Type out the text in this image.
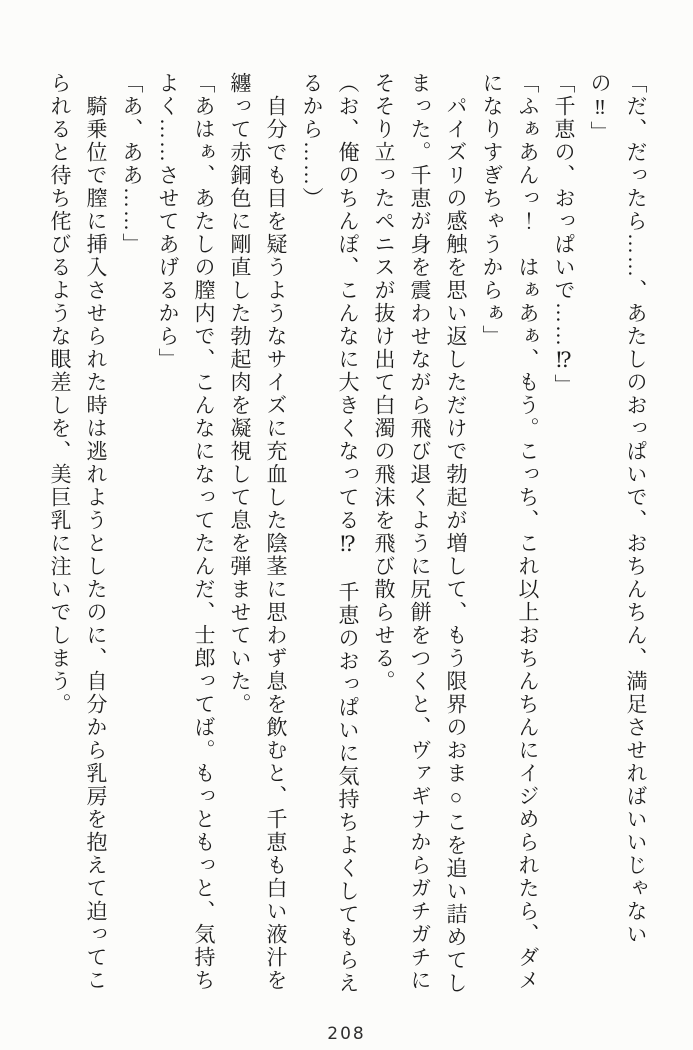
「だ、だったら……、あたしのおっぱいで、おちんちん、満足させればいいじゃない

の‼」

「千恵の、おっぱいで……⁉」

「ふぁあんっ！　はぁあぁ、もう。こっち、これ以上おちんちんにイジめられたら、ダメ

になりすぎちゃうからぁ」

パイズリの感触を思い返しただけで勃起が増して、もう限界のおま○こを追い詰めてし

まった。千恵が身を震わせながら飛び退くように尻餅をつくと、ヴァギナからガチガチに

そそり立ったペニスが抜け出て白濁の飛沫を飛び散らせる。

（お、俺のちんぽ、こんなに大きくなってる⁉　千恵のおっぱいに気持ちよくしてもらえ

るから……）

自分でも目を疑うようなサイズに充血した陰茎に思わず息を飲むと、千恵も白い液汁を

纏って赤銅色に剛直した勃起肉を凝視して息を弾ませていた。

「あはぁ、あたしの膣内で、こんなになってたんだ、士郎ってば。もっともっと、気持ち

よく……させてあげるから」

「あ、ああ……」

騎乗位で膣に挿入させられた時は逃れようとしたのに、自分から乳房を抱えて迫ってこ

られると待ち侘びるような眼差しを、美巨乳に注いでしまう。

208
